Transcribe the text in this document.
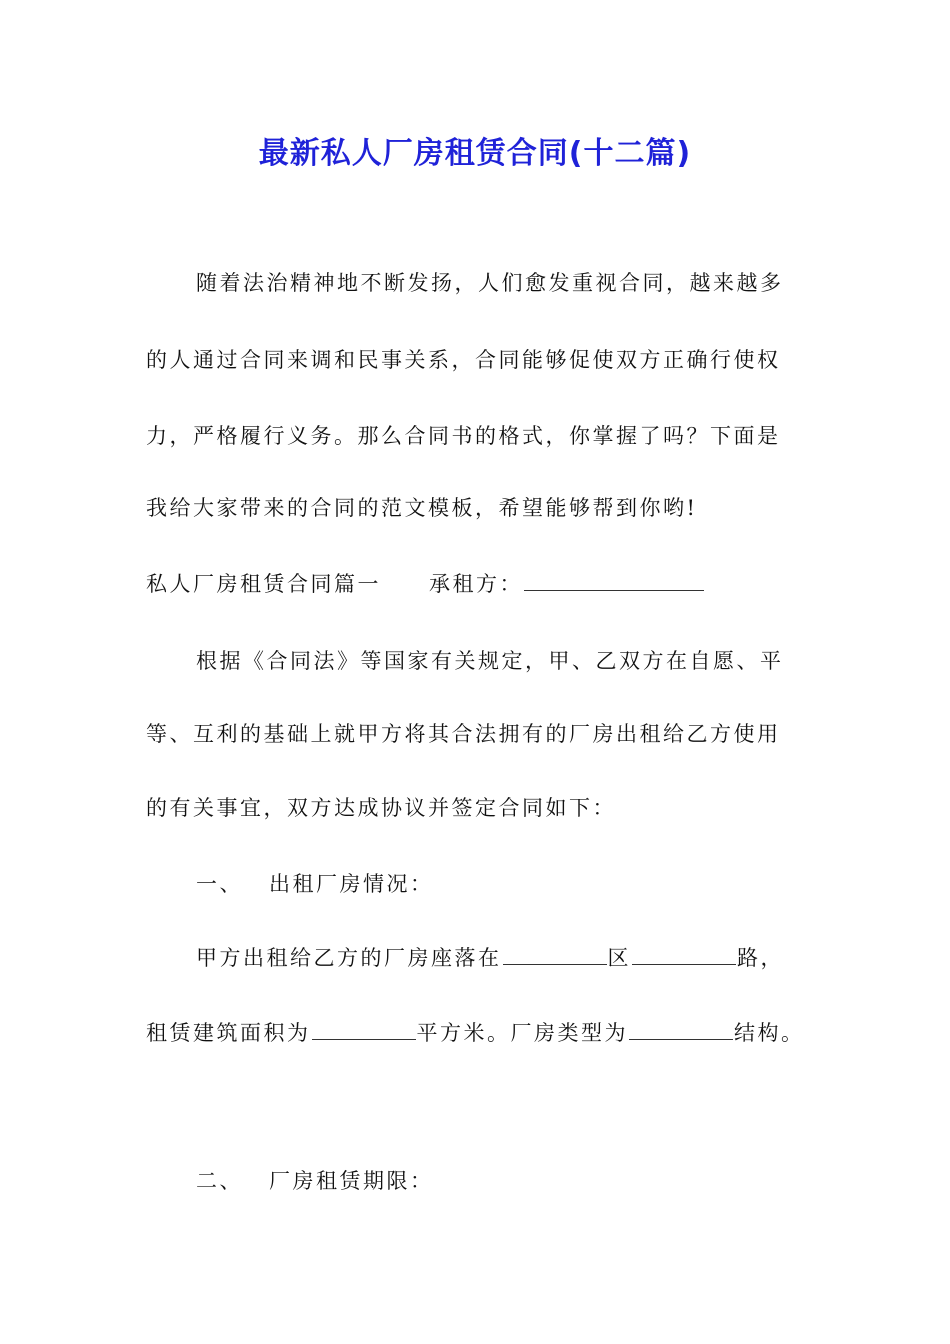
最新私人厂房租赁合同(十二篇)
随着法治精神地不断发扬，人们愈发重视合同，越来越多
的人通过合同来调和民事关系，合同能够促使双方正确行使权
力，严格履行义务。那么合同书的格式，你掌握了吗？下面是
我给大家带来的合同的范文模板，希望能够帮到你哟!
私人厂房租赁合同篇一 承租方：
根据《合同法》等国家有关规定，甲、乙双方在自愿、平
等、互利的基础上就甲方将其合法拥有的厂房出租给乙方使用
的有关事宜，双方达成协议并签定合同如下：
一、 出租厂房情况：
甲方出租给乙方的厂房座落在	区	路，
租赁建筑面积为	平方米。厂房类型为	结构。
二、 厂房租赁期限：
